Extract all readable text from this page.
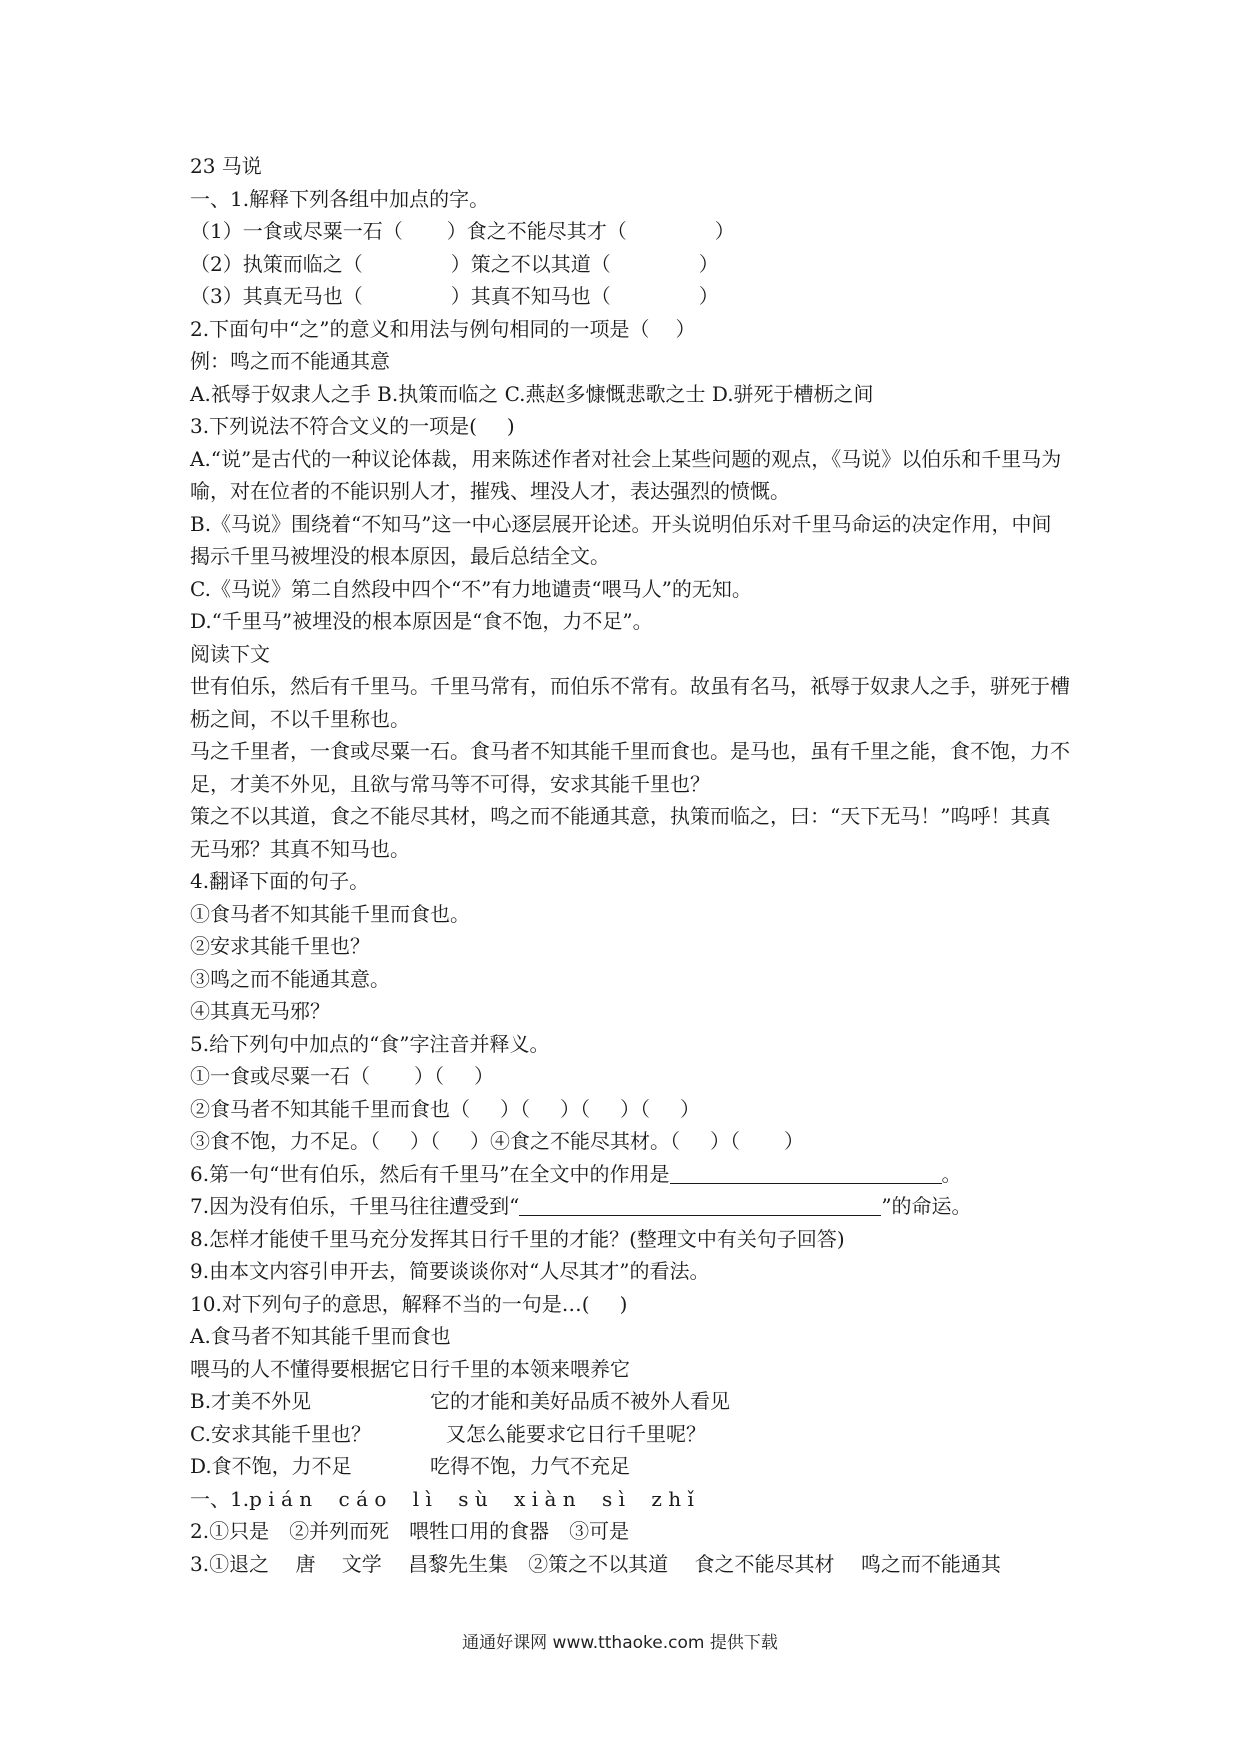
23 马说

一、1.解释下列各组中加点的字。

（1）一食或尽粟一石（ ）食之不能尽其才（	）

（2）执策而临之（	）策之不以其道（	）

（3）其真无马也（	）其真不知马也（	）

2.下面句中“之”的意义和用法与例句相同的一项是（ ）

例：鸣之而不能通其意

A.祇辱于奴隶人之手 B.执策而临之 C.燕赵多慷慨悲歌之士 D.骈死于槽枥之间

3.下列说法不符合文义的一项是( )

A.“说”是古代的一种议论体裁，用来陈述作者对社会上某些问题的观点，《马说》以伯乐和千里马为喻，对在位者的不能识别人才，摧残、埋没人才，表达强烈的愤慨。

B.《马说》围绕着“不知马”这一中心逐层展开论述。开头说明伯乐对千里马命运的决定作用，中间揭示千里马被埋没的根本原因，最后总结全文。

C.《马说》第二自然段中四个“不”有力地谴责“喂马人”的无知。

D.“千里马”被埋没的根本原因是“食不饱，力不足”。

阅读下文

世有伯乐，然后有千里马。千里马常有，而伯乐不常有。故虽有名马，祇辱于奴隶人之手，骈死于槽枥之间，不以千里称也。

马之千里者，一食或尽粟一石。食马者不知其能千里而食也。是马也，虽有千里之能，食不饱，力不足，才美不外见，且欲与常马等不可得，安求其能千里也？

策之不以其道，食之不能尽其材，鸣之而不能通其意，执策而临之，曰：“天下无马！”呜呼！其真无马邪？其真不知马也。

4.翻译下面的句子。

①食马者不知其能千里而食也。

②安求其能千里也？

③鸣之而不能通其意。

④其真无马邪？

5.给下列句中加点的“食”字注音并释义。

①一食或尽粟一石（ ）（ ）

②食马者不知其能千里而食也（ ）（ ）（ ）（ ）

③食不饱，力不足。（ ）（ ）④食之不能尽其材。（ ）（ ）

6.第一句“世有伯乐，然后有千里马”在全文中的作用是	。

7.因为没有伯乐，千里马往往遭受到“	”的命运。

8.怎样才能使千里马充分发挥其日行千里的才能？(整理文中有关句子回答)

9.由本文内容引申开去，简要谈谈你对“人尽其才”的看法。

10.对下列句子的意思，解释不当的一句是…( )

A.食马者不知其能千里而食也

喂马的人不懂得要根据它日行千里的本领来喂养它

B.才美不外见	它的才能和美好品质不被外人看见

C.安求其能千里也？	又怎么能要求它日行千里呢？

D.食不饱，力不足	吃得不饱，力气不充足

一、1.p i á n　 c á o　 l ì　 s ù　 x i à n　 s ì　 z h ǐ

2.①只是　②并列而死　喂牲口用的食器　③可是

3.①退之　 唐　 文学　 昌黎先生集　②策之不以其道　 食之不能尽其材　 鸣之而不能通其

通通好课网 www.tthaoke.com 提供下载
